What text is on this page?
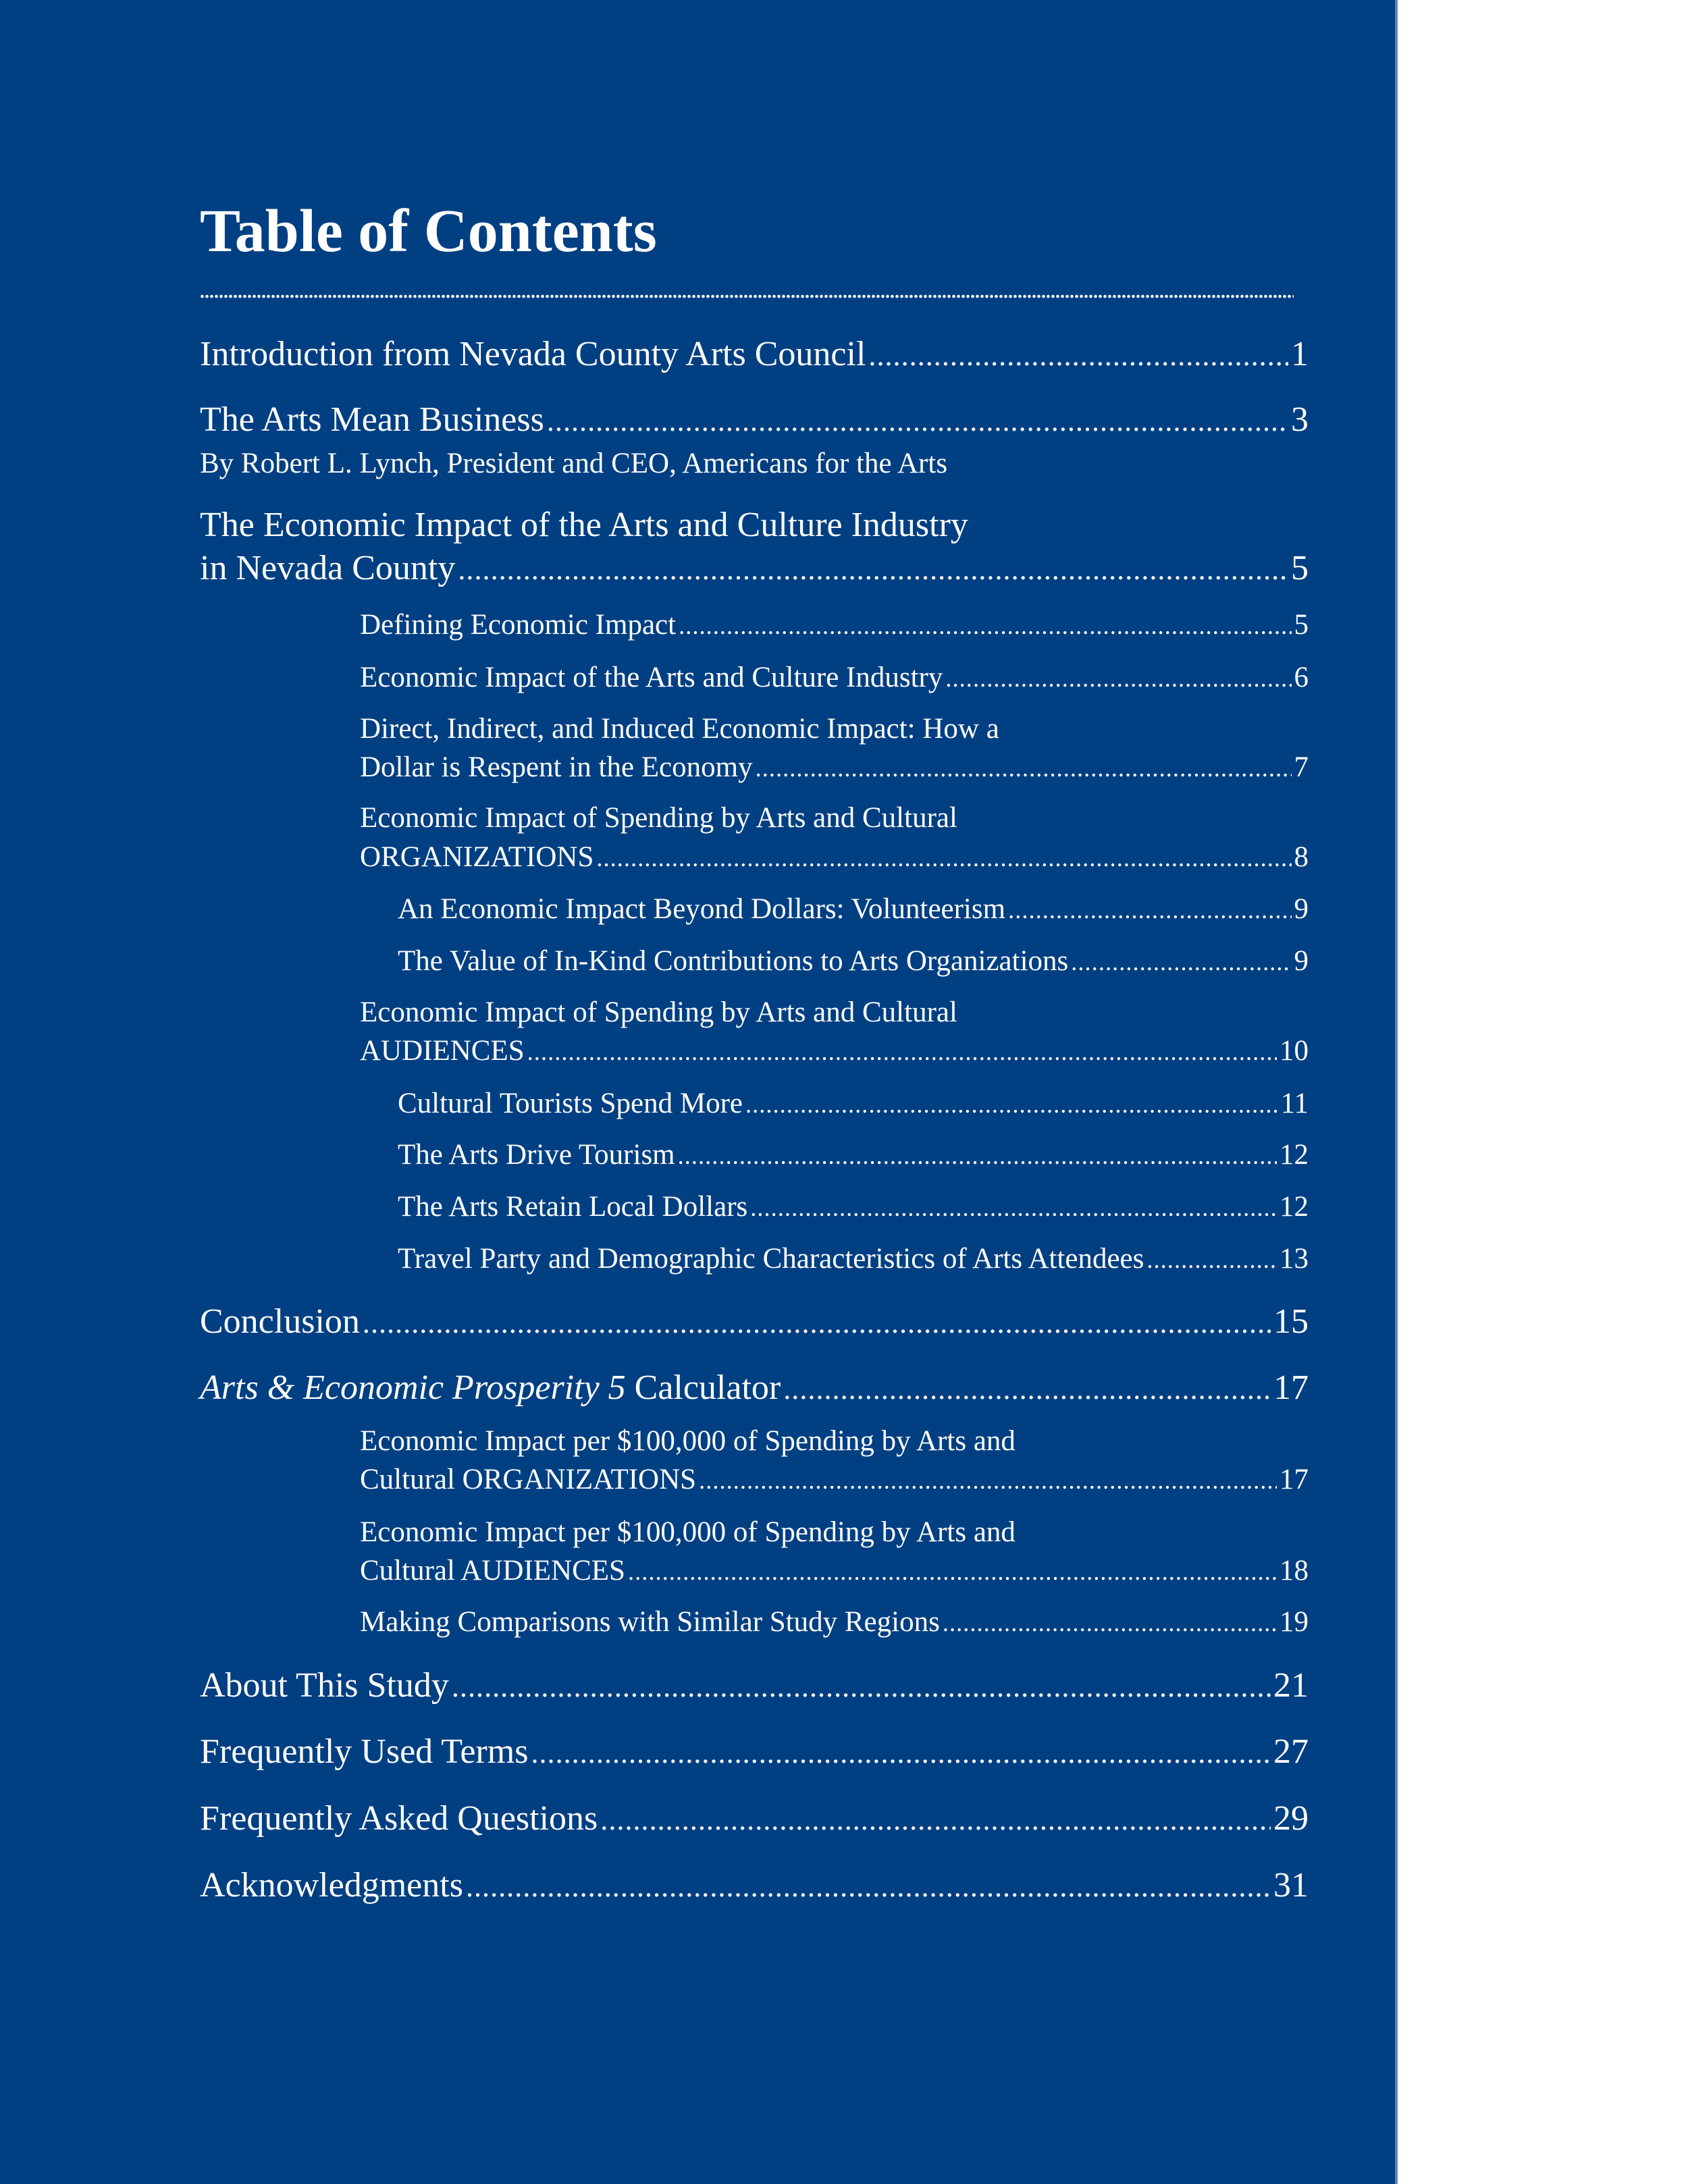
Table of Contents
Introduction from Nevada County Arts Council .....	1
The Arts Mean Business .....	3
By Robert L. Lynch, President and CEO, Americans for the Arts
The Economic Impact of the Arts and Culture Industry
in Nevada County .....	5
Defining Economic Impact .....	5
Economic Impact of the Arts and Culture Industry .....	6
Direct, Indirect, and Induced Economic Impact: How a
Dollar is Respent in the Economy .....	7
Economic Impact of Spending by Arts and Cultural
ORGANIZATIONS .....	8
An Economic Impact Beyond Dollars: Volunteerism .....	9
The Value of In-Kind Contributions to Arts Organizations .....	9
Economic Impact of Spending by Arts and Cultural
AUDIENCES .....	10
Cultural Tourists Spend More .....	11
The Arts Drive Tourism .....	12
The Arts Retain Local Dollars .....	12
Travel Party and Demographic Characteristics of Arts Attendees .....	13
Conclusion .....	15
Arts & Economic Prosperity 5 Calculator .....	17
Economic Impact per $100,000 of Spending by Arts and
Cultural ORGANIZATIONS .....	17
Economic Impact per $100,000 of Spending by Arts and
Cultural AUDIENCES .....	18
Making Comparisons with Similar Study Regions .....	19
About This Study .....	21
Frequently Used Terms .....	27
Frequently Asked Questions .....	29
Acknowledgments .....	31
